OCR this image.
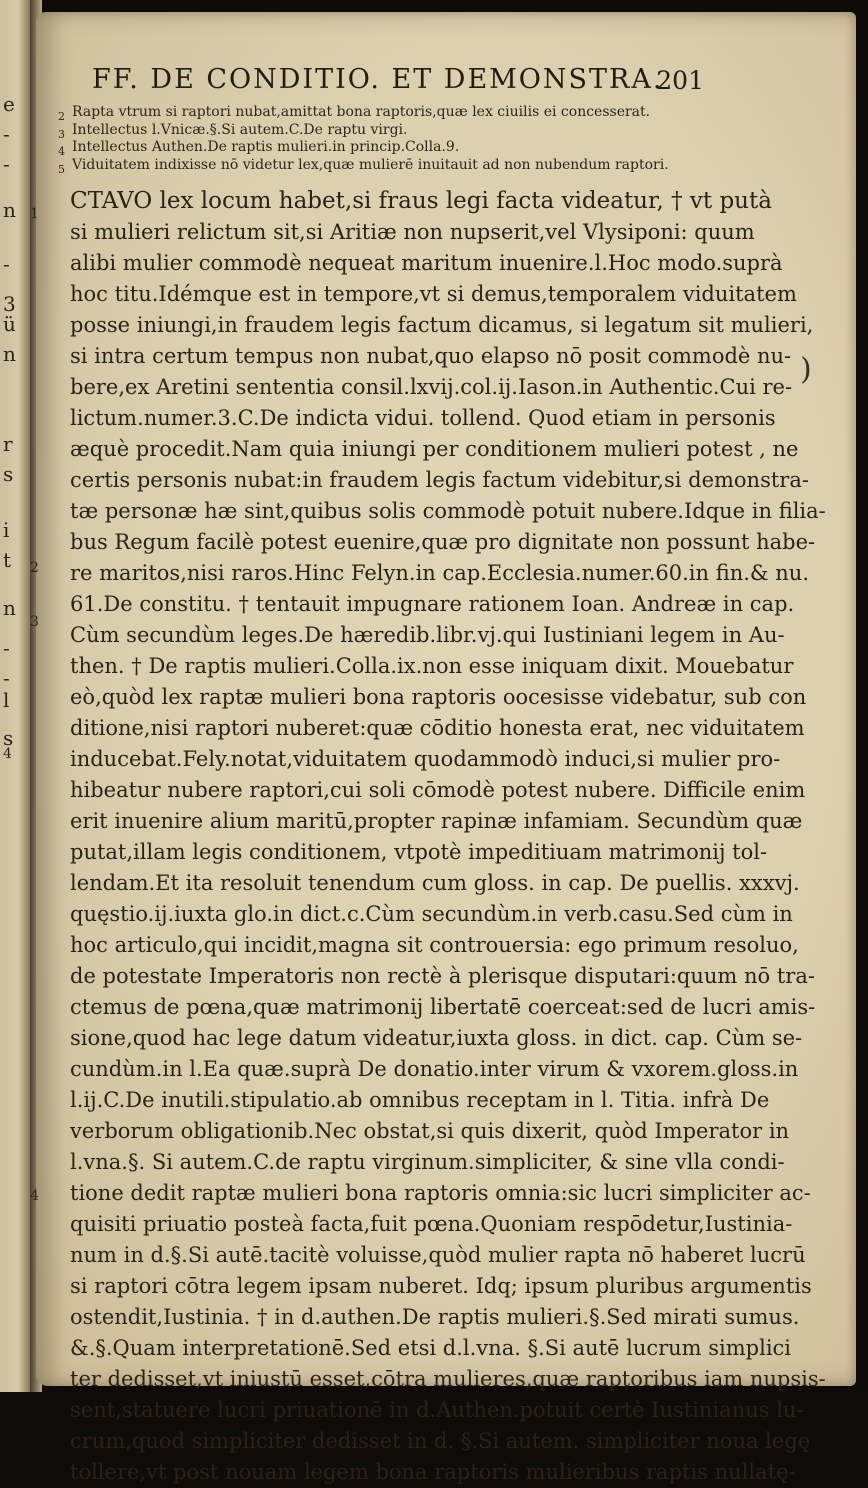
e
-
-
n
-
3
ü
n
r
s
i
t
n
-
-
l
s
4
FF. DE CONDITIO. ET DEMONSTRA.
201
2 Rapta vtrum si raptori nubat,amittat bona raptoris,quæ lex ciuilis ei concesserat.
3 Intellectus l.Vnicæ.§.Si autem.C.De raptu virgi.
4 Intellectus Authen.De raptis mulieri.in princip.Colla.9.
5 Viduitatem indixisse nō videtur lex,quæ mulierē inuitauit ad non nubendum raptori.
1
2
3
4
)
CTAVO lex locum habet,si fraus legi facta videatur, † vt putà
si mulieri relictum sit,si Aritiæ non nupserit,vel Vlysiponi: quum
alibi mulier commodè nequeat maritum inuenire.l.Hoc modo.suprà
hoc titu.Idémque est in tempore,vt si demus,temporalem viduitatem
posse iniungi,in fraudem legis factum dicamus, si legatum sit mulieri,
si intra certum tempus non nubat,quo elapso nō posit commodè nu-
bere,ex Aretini sententia consil.lxvij.col.ij.Iason.in Authentic.Cui re-
lictum.numer.3.C.De indicta vidui. tollend. Quod etiam in personis
æquè procedit.Nam quia iniungi per conditionem mulieri potest , ne
certis personis nubat:in fraudem legis factum videbitur,si demonstra-
tæ personæ hæ sint,quibus solis commodè potuit nubere.Idque in filia-
bus Regum facilè potest euenire,quæ pro dignitate non possunt habe-
re maritos,nisi raros.Hinc Felyn.in cap.Ecclesia.numer.60.in fin.& nu.
61.De constitu. † tentauit impugnare rationem Ioan. Andreæ in cap.
Cùm secundùm leges.De hæredib.libr.vj.qui Iustiniani legem in Au-
then. † De raptis mulieri.Colla.ix.non esse iniquam dixit. Mouebatur
eò,quòd lex raptæ mulieri bona raptoris oocesisse videbatur, sub con
ditione,nisi raptori nuberet:quæ cōditio honesta erat, nec viduitatem
inducebat.Fely.notat,viduitatem quodammodò induci,si mulier pro-
hibeatur nubere raptori,cui soli cōmodè potest nubere. Difficile enim
erit inuenire alium maritū,propter rapinæ infamiam. Secundùm quæ
putat,illam legis conditionem, vtpotè impeditiuam matrimonij tol-
lendam.Et ita resoluit tenendum cum gloss. in cap. De puellis. xxxvj.
quęstio.ij.iuxta glo.in dict.c.Cùm secundùm.in verb.casu.Sed cùm in
hoc articulo,qui incidit,magna sit controuersia: ego primum resoluo,
de potestate Imperatoris non rectè à plerisque disputari:quum nō tra-
ctemus de pœna,quæ matrimonij libertatē coerceat:sed de lucri amis-
sione,quod hac lege datum videatur,iuxta gloss. in dict. cap. Cùm se-
cundùm.in l.Ea quæ.suprà De donatio.inter virum & vxorem.gloss.in
l.ij.C.De inutili.stipulatio.ab omnibus receptam in l. Titia. infrà De
verborum obligationib.Nec obstat,si quis dixerit, quòd Imperator in
l.vna.§. Si autem.C.de raptu virginum.simpliciter, & sine vlla condi-
tione dedit raptæ mulieri bona raptoris omnia:sic lucri simpliciter ac-
quisiti priuatio posteà facta,fuit pœna.Quoniam respōdetur,Iustinia-
num in d.§.Si autē.tacitè voluisse,quòd mulier rapta nō haberet lucrū
si raptori cōtra legem ipsam nuberet. Idq; ipsum pluribus argumentis
ostendit,Iustinia. † in d.authen.De raptis mulieri.§.Sed mirati sumus.
&.§.Quam interpretationē.Sed etsi d.l.vna. §.Si autē lucrum simplici
ter dedisset,vt iniustū esset,cōtra mulieres,quæ raptoribus iam nupsis-
sent,statuere lucri priuationē in d.Authen.potuit certè Iustinianus lu-
crum,quod simpliciter dedisset in d. §.Si autem. simpliciter noua legę
tollere,vt post nouam legem bona raptoris mulieribus raptis nullatę-
